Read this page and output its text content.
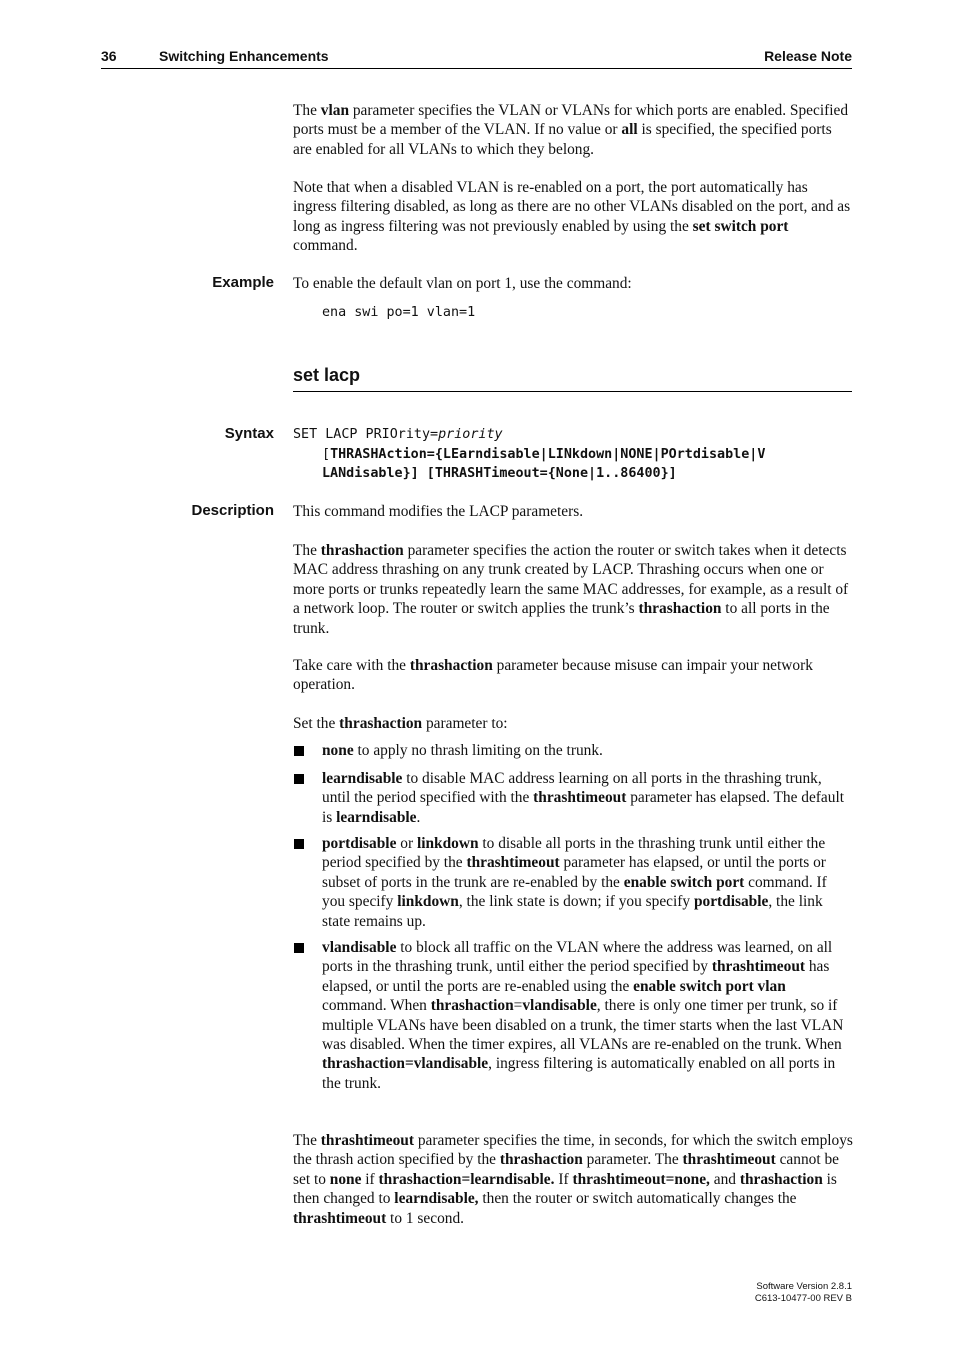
36	Switching Enhancements	Release Note

The vlan parameter specifies the VLAN or VLANs for which ports are enabled. Specified ports must be a member of the VLAN. If no value or all is specified, the specified ports are enabled for all VLANs to which they belong.

Note that when a disabled VLAN is re-enabled on a port, the port automatically has ingress filtering disabled, as long as there are no other VLANs disabled on the port, and as long as ingress filtering was not previously enabled by using the set switch port command.

Example To enable the default vlan on port 1, use the command:
ena swi po=1 vlan=1
set lacp
Syntax SET LACP PRIOrity=priority
[THRASHAction={LEarndisable|LINkdown|NONE|POrtdisable|V
LANdisable}] [THRASHTimeout={None|1..86400}]
Description This command modifies the LACP parameters.

The thrashaction parameter specifies the action the router or switch takes when it detects MAC address thrashing on any trunk created by LACP. Thrashing occurs when one or more ports or trunks repeatedly learn the same MAC addresses, for example, as a result of a network loop. The router or switch applies the trunk’s thrashaction to all ports in the trunk.

Take care with the thrashaction parameter because misuse can impair your network operation.

Set the thrashaction parameter to:

none to apply no thrash limiting on the trunk.
learndisable to disable MAC address learning on all ports in the thrashing trunk, until the period specified with the thrashtimeout parameter has elapsed. The default is learndisable.
portdisable or linkdown to disable all ports in the thrashing trunk until either the period specified by the thrashtimeout parameter has elapsed, or until the ports or subset of ports in the trunk are re-enabled by the enable switch port command. If you specify linkdown, the link state is down; if you specify portdisable, the link state remains up.
vlandisable to block all traffic on the VLAN where the address was learned, on all ports in the thrashing trunk, until either the period specified by thrashtimeout has elapsed, or until the ports are re-enabled using the enable switch port vlan command. When thrashaction=vlandisable, there is only one timer per trunk, so if multiple VLANs have been disabled on a trunk, the timer starts when the last VLAN was disabled. When the timer expires, all VLANs are re-enabled on the trunk. When thrashaction=vlandisable, ingress filtering is automatically enabled on all ports in the trunk.

The thrashtimeout parameter specifies the time, in seconds, for which the switch employs the thrash action specified by the thrashaction parameter. The thrashtimeout cannot be set to none if thrashaction=learndisable. If thrashtimeout=none, and thrashaction is then changed to learndisable, then the router or switch automatically changes the thrashtimeout to 1 second.

Software Version 2.8.1
C613-10477-00 REV B
